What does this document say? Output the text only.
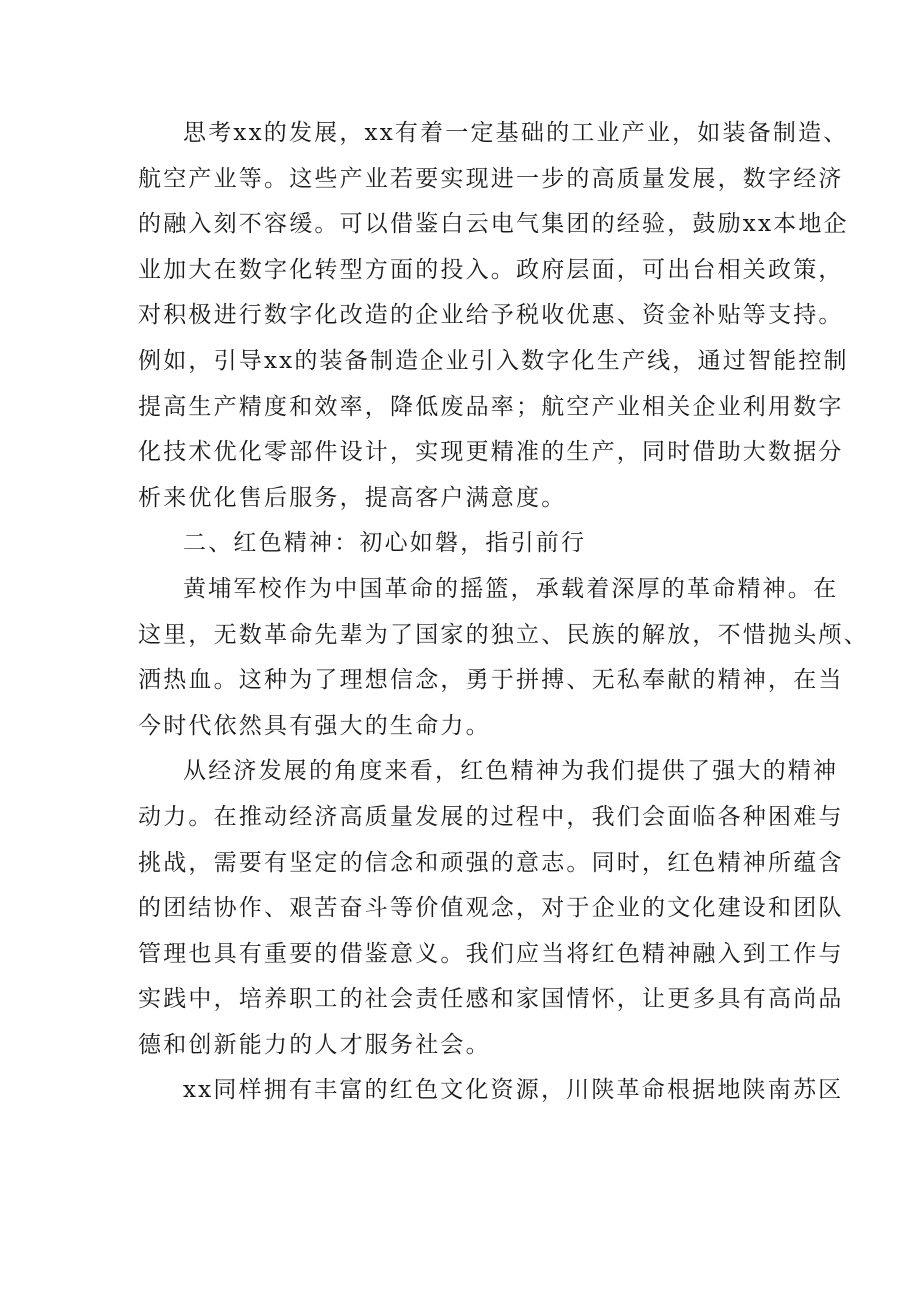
思考xx的发展，xx有着一定基础的工业产业，如装备制造、
航空产业等。这些产业若要实现进一步的高质量发展，数字经济
的融入刻不容缓。可以借鉴白云电气集团的经验，鼓励xx本地企
业加大在数字化转型方面的投入。政府层面，可出台相关政策，
对积极进行数字化改造的企业给予税收优惠、资金补贴等支持。
例如，引导xx的装备制造企业引入数字化生产线，通过智能控制
提高生产精度和效率，降低废品率；航空产业相关企业利用数字
化技术优化零部件设计，实现更精准的生产，同时借助大数据分
析来优化售后服务，提高客户满意度。
二、红色精神：初心如磐，指引前行
黄埔军校作为中国革命的摇篮，承载着深厚的革命精神。在
这里，无数革命先辈为了国家的独立、民族的解放，不惜抛头颅、
洒热血。这种为了理想信念，勇于拼搏、无私奉献的精神，在当
今时代依然具有强大的生命力。
从经济发展的角度来看，红色精神为我们提供了强大的精神
动力。在推动经济高质量发展的过程中，我们会面临各种困难与
挑战，需要有坚定的信念和顽强的意志。同时，红色精神所蕴含
的团结协作、艰苦奋斗等价值观念，对于企业的文化建设和团队
管理也具有重要的借鉴意义。我们应当将红色精神融入到工作与
实践中，培养职工的社会责任感和家国情怀，让更多具有高尚品
德和创新能力的人才服务社会。
xx同样拥有丰富的红色文化资源，川陕革命根据地陕南苏区
